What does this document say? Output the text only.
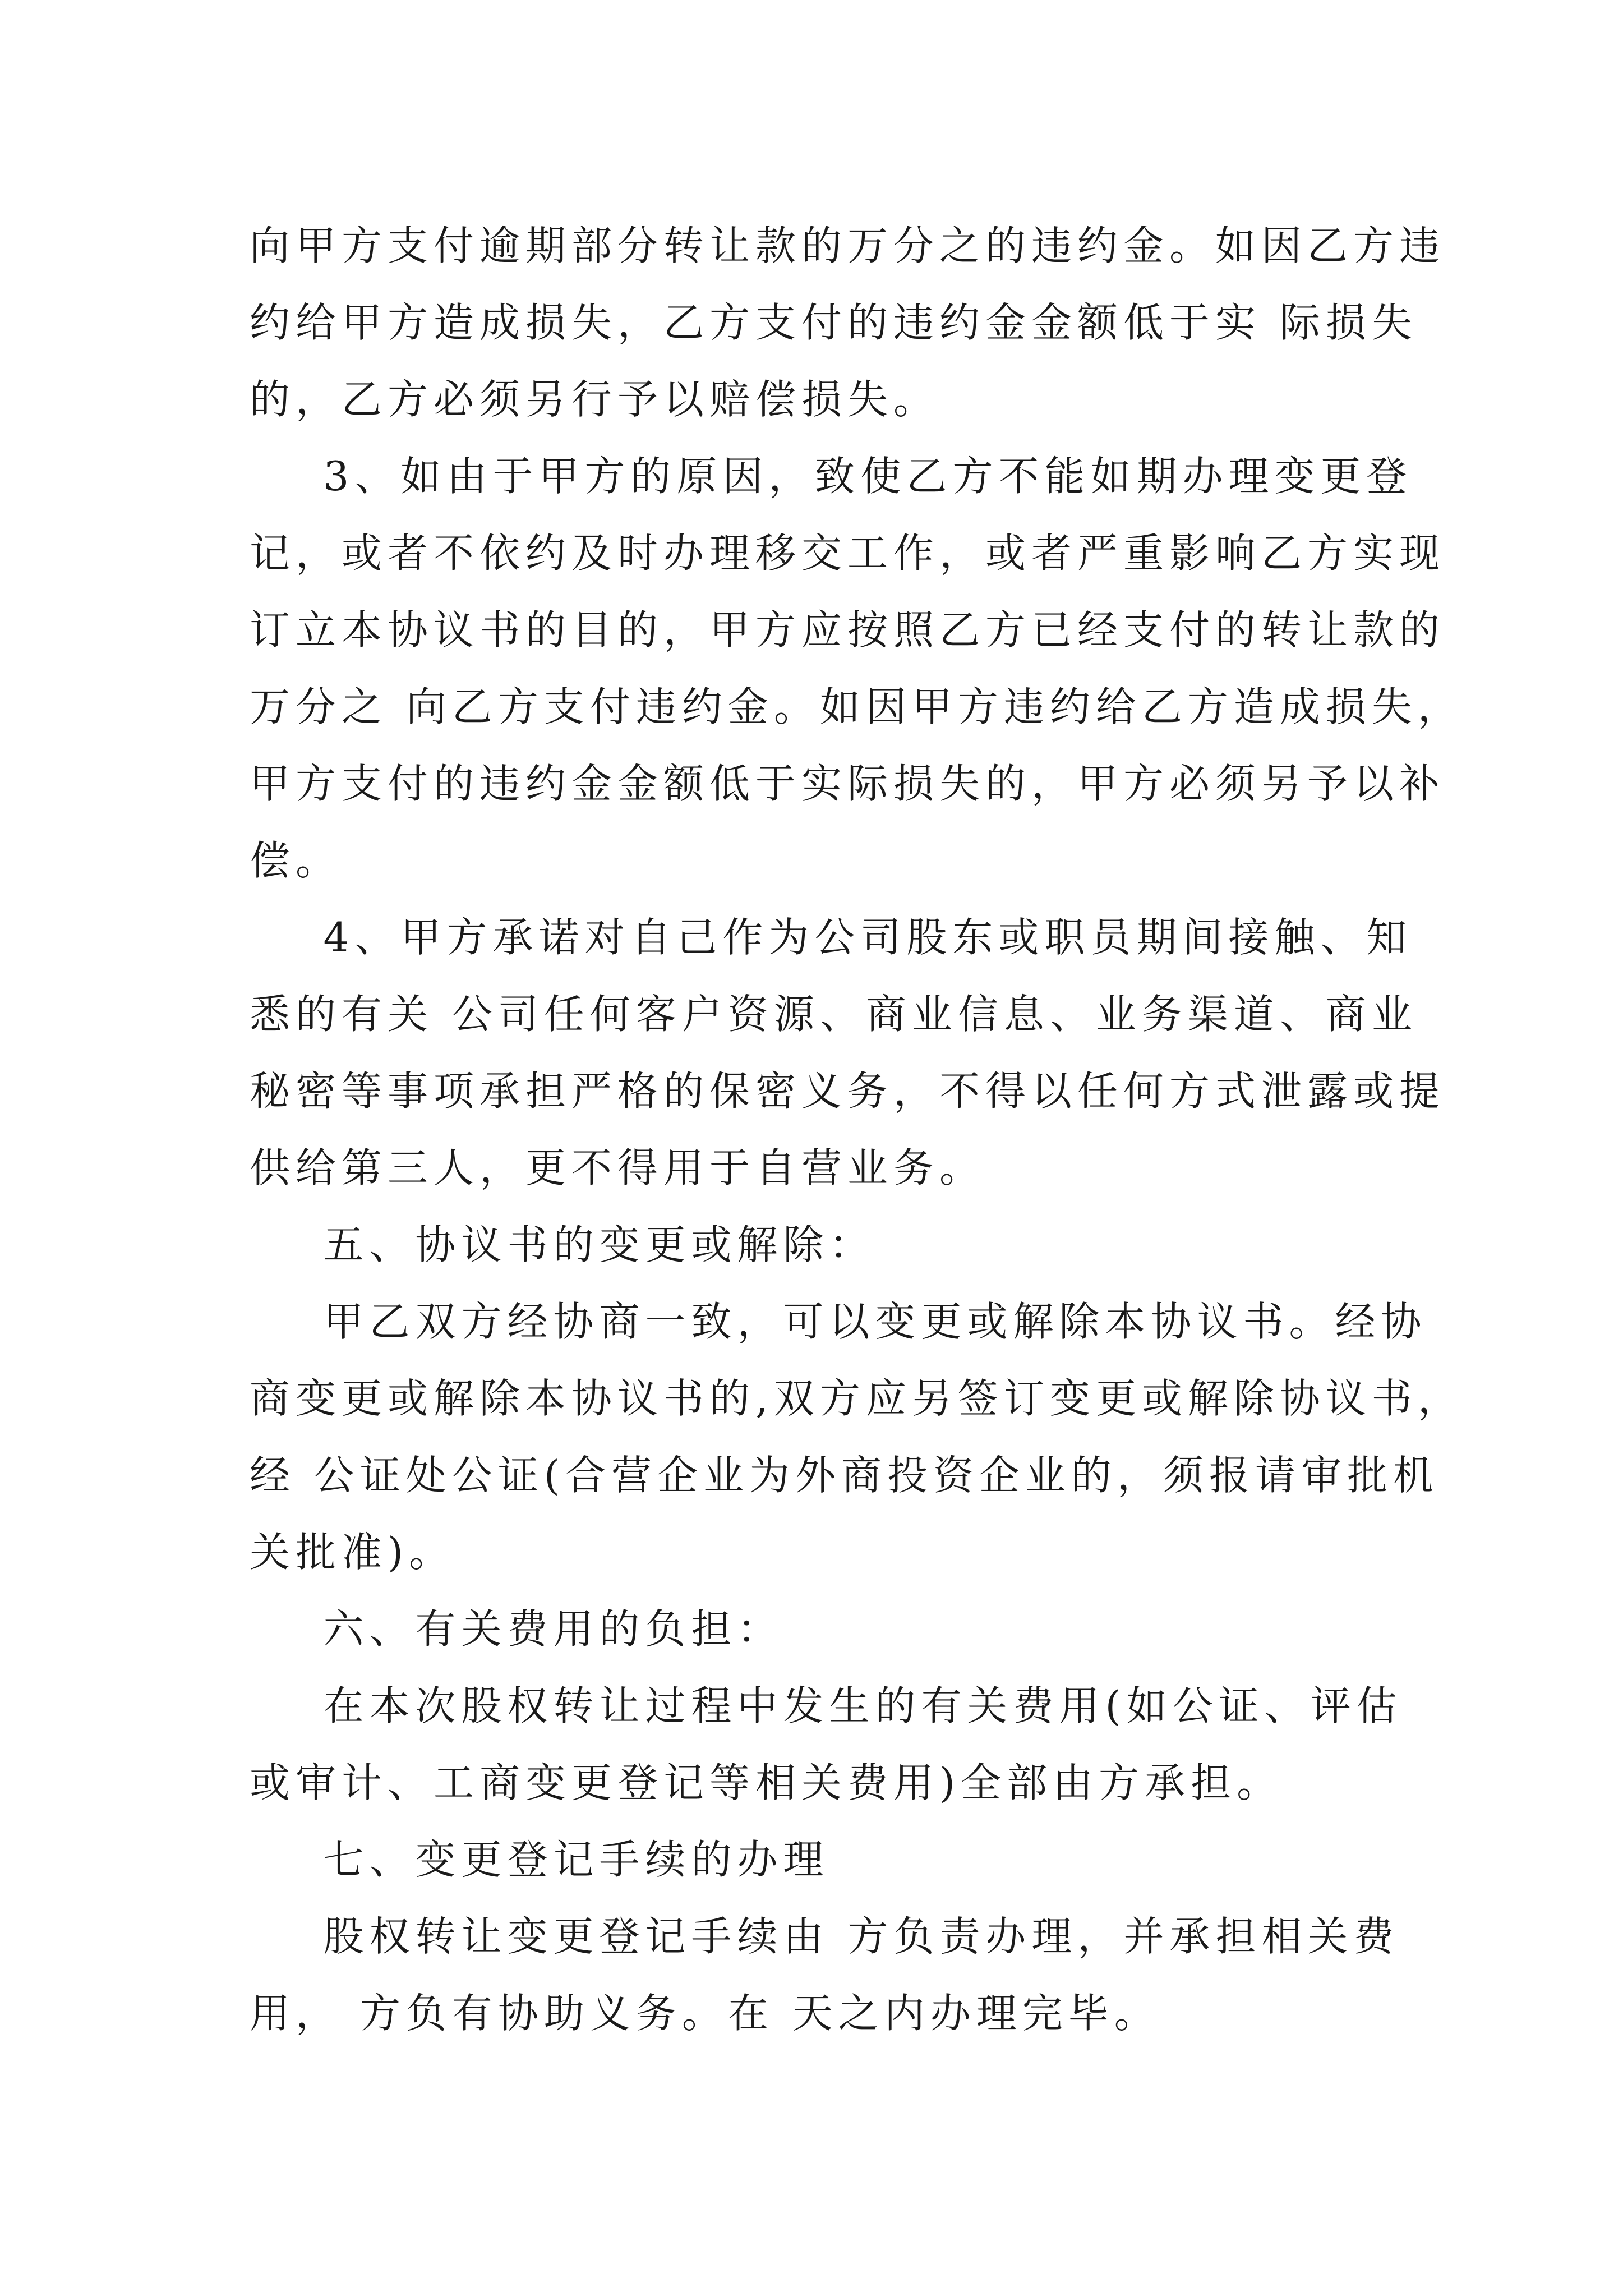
向甲方支付逾期部分转让款的万分之的违约金。如因乙方违
约给甲方造成损失，乙方支付的违约金金额低于实 际损失
的，乙方必须另行予以赔偿损失。
3、如由于甲方的原因，致使乙方不能如期办理变更登
记，或者不依约及时办理移交工作，或者严重影响乙方实现
订立本协议书的目的，甲方应按照乙方已经支付的转让款的
万分之 向乙方支付违约金。如因甲方违约给乙方造成损失，
甲方支付的违约金金额低于实际损失的，甲方必须另予以补
偿。
4、甲方承诺对自己作为公司股东或职员期间接触、知
悉的有关 公司任何客户资源、商业信息、业务渠道、商业
秘密等事项承担严格的保密义务，不得以任何方式泄露或提
供给第三人，更不得用于自营业务。
五、协议书的变更或解除：
甲乙双方经协商一致，可以变更或解除本协议书。经协
商变更或解除本协议书的,双方应另签订变更或解除协议书，
经 公证处公证(合营企业为外商投资企业的，须报请审批机
关批准)。
六、有关费用的负担：
在本次股权转让过程中发生的有关费用(如公证、评估
或审计、工商变更登记等相关费用)全部由方承担。
七、变更登记手续的办理
股权转让变更登记手续由 方负责办理，并承担相关费
用， 方负有协助义务。在 天之内办理完毕。
